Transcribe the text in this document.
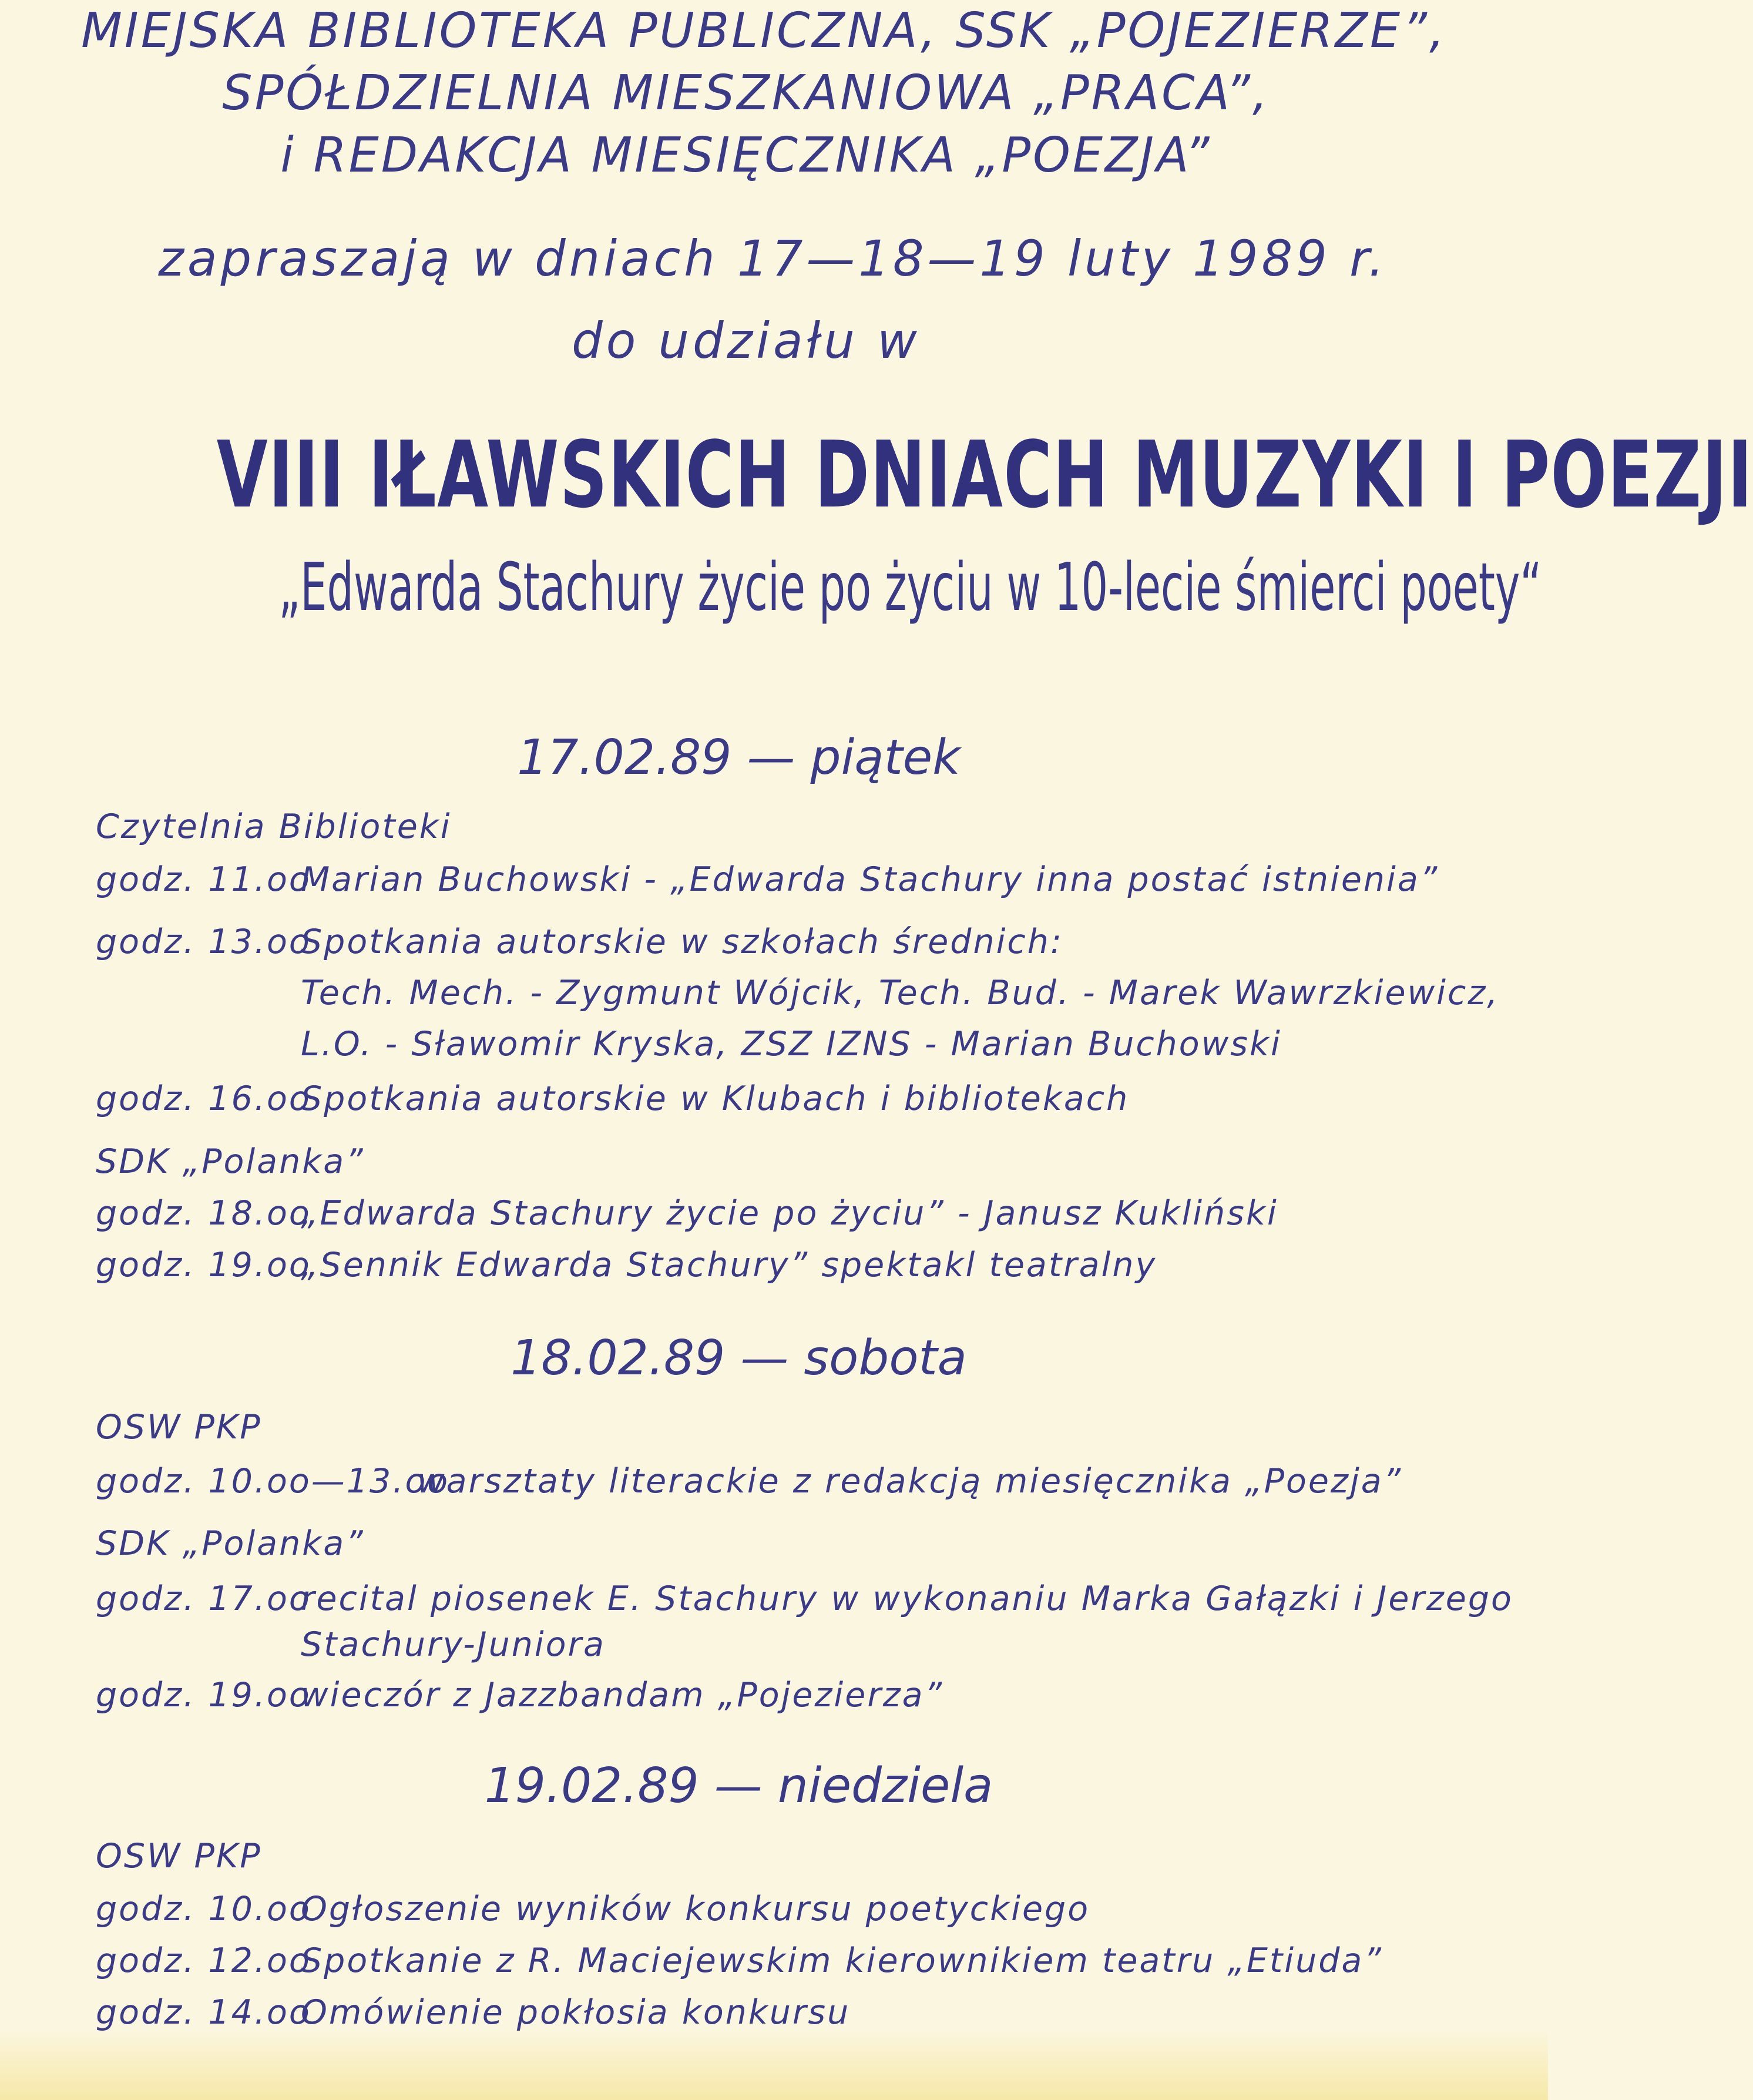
MIEJSKA BIBLIOTEKA PUBLICZNA, SSK „POJEZIERZE”,
SPÓŁDZIELNIA MIESZKANIOWA „PRACA”,
i REDAKCJA MIESIĘCZNIKA „POEZJA”
zapraszają w dniach 17—18—19 luty 1989 r.
do udziału w
VIII IŁAWSKICH DNIACH MUZYKI I POEZJI
„Edwarda Stachury życie po życiu w 10-lecie śmierci poety“
17.02.89 — piątek
Czytelnia Biblioteki
godz. 11.oo
Marian Buchowski - „Edwarda Stachury inna postać istnienia”
godz. 13.oo
Spotkania autorskie w szkołach średnich:
Tech. Mech. - Zygmunt Wójcik, Tech. Bud. - Marek Wawrzkiewicz,
L.O. - Sławomir Kryska, ZSZ IZNS - Marian Buchowski
godz. 16.oo
Spotkania autorskie w Klubach i bibliotekach
SDK „Polanka”
godz. 18.oo
„Edwarda Stachury życie po życiu” - Janusz Kukliński
godz. 19.oo
„Sennik Edwarda Stachury” spektakl teatralny
18.02.89 — sobota
OSW PKP
godz. 10.oo—13.oo
warsztaty literackie z redakcją miesięcznika „Poezja”
SDK „Polanka”
godz. 17.oo
recital piosenek E. Stachury w wykonaniu Marka Gałązki i Jerzego
Stachury-Juniora
godz. 19.oo
wieczór z Jazzbandam „Pojezierza”
19.02.89 — niedziela
OSW PKP
godz. 10.oo
Ogłoszenie wyników konkursu poetyckiego
godz. 12.oo
Spotkanie z R. Maciejewskim kierownikiem teatru „Etiuda”
godz. 14.oo
Omówienie pokłosia konkursu
